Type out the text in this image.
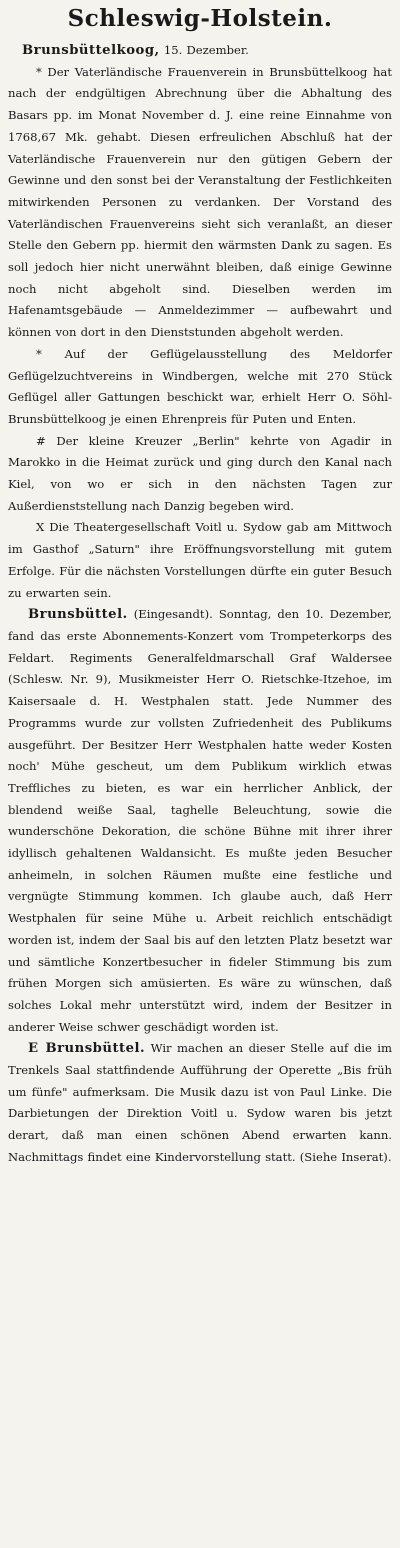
Schleswig-Holstein.

Brunsbüttelkoog, 15. Dezember.

* Der Vaterländische Frauenverein in Brunsbüttelkoog hat nach der endgültigen Abrechnung über die Abhaltung des Basars pp. im Monat November d. J. eine reine Einnahme von 1768,67 Mk. gehabt. Diesen erfreulichen Abschluß hat der Vaterländische Frauenverein nur den gütigen Gebern der Gewinne und den sonst bei der Veranstaltung der Festlichkeiten mitwirkenden Personen zu verdanken. Der Vorstand des Vaterländischen Frauenvereins sieht sich veranlaßt, an dieser Stelle den Gebern pp. hiermit den wärmsten Dank zu sagen. Es soll jedoch hier nicht unerwähnt bleiben, daß einige Gewinne noch nicht abgeholt sind. Dieselben werden im Hafenamtsgebäude — Anmeldezimmer — aufbewahrt und können von dort in den Dienststunden abgeholt werden.

* Auf der Geflügelausstellung des Meldorfer Geflügelzuchtvereins in Windbergen, welche mit 270 Stück Geflügel aller Gattungen beschickt war, erhielt Herr O. Söhl-Brunsbüttelkoog je einen Ehrenpreis für Puten und Enten.

# Der kleine Kreuzer „Berlin" kehrte von Agadir in Marokko in die Heimat zurück und ging durch den Kanal nach Kiel, von wo er sich in den nächsten Tagen zur Außerdienststellung nach Danzig begeben wird.

X Die Theatergesellschaft Voitl u. Sydow gab am Mittwoch im Gasthof „Saturn" ihre Eröffnungsvorstellung mit gutem Erfolge. Für die nächsten Vorstellungen dürfte ein guter Besuch zu erwarten sein.

Brunsbüttel. (Eingesandt). Sonntag, den 10. Dezember, fand das erste Abonnements-Konzert vom Trompeterkorps des Feldart. Regiments Generalfeldmarschall Graf Waldersee (Schlesw. Nr. 9), Musikmeister Herr O. Rietschke-Itzehoe, im Kaisersaale d. H. Westphalen statt. Jede Nummer des Programms wurde zur vollsten Zufriedenheit des Publikums ausgeführt. Der Besitzer Herr Westphalen hatte weder Kosten noch' Mühe gescheut, um dem Publikum wirklich etwas Treffliches zu bieten, es war ein herrlicher Anblick, der blendend weiße Saal, taghelle Beleuchtung, sowie die wunderschöne Dekoration, die schöne Bühne mit ihrer ihrer idyllisch gehaltenen Waldansicht. Es mußte jeden Besucher anheimeln, in solchen Räumen mußte eine festliche und vergnügte Stimmung kommen. Ich glaube auch, daß Herr Westphalen für seine Mühe u. Arbeit reichlich entschädigt worden ist, indem der Saal bis auf den letzten Platz besetzt war und sämtliche Konzertbesucher in fideler Stimmung bis zum frühen Morgen sich amüsierten. Es wäre zu wünschen, daß solches Lokal mehr unterstützt wird, indem der Besitzer in anderer Weise schwer geschädigt worden ist.

E Brunsbüttel. Wir machen an dieser Stelle auf die im Trenkels Saal stattfindende Aufführung der Operette „Bis früh um fünfe" aufmerksam. Die Musik dazu ist von Paul Linke. Die Darbietungen der Direktion Voitl u. Sydow waren bis jetzt derart, daß man einen schönen Abend erwarten kann. Nachmittags findet eine Kindervorstellung statt. (Siehe Inserat).
